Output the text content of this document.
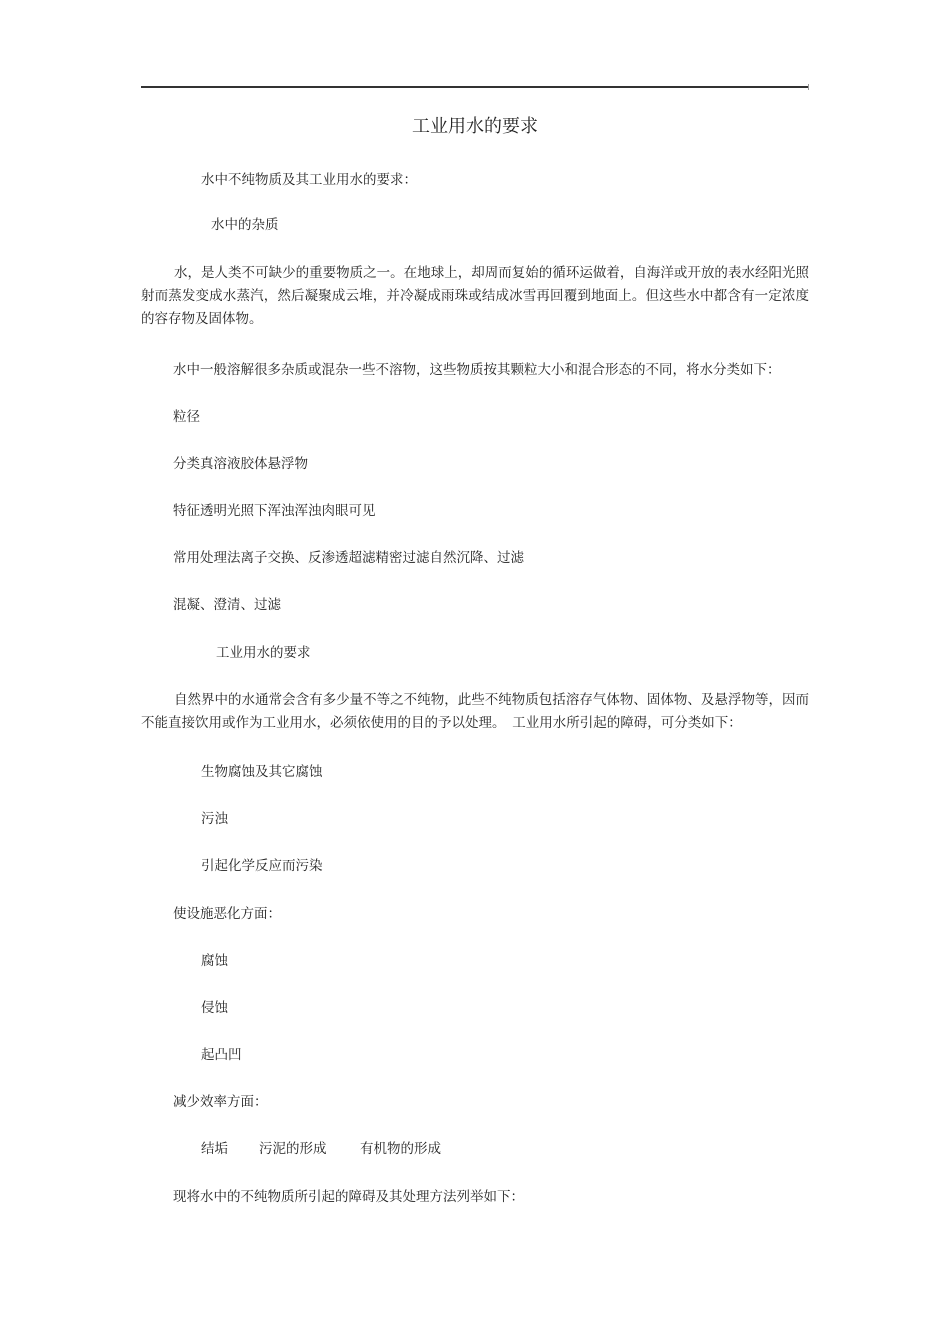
工业用水的要求
水中不纯物质及其工业用水的要求：
水中的杂质
水，是人类不可缺少的重要物质之一。在地球上，却周而复始的循环运做着，自海洋或开放的表水经阳光照射而蒸发变成水蒸汽，然后凝聚成云堆，并冷凝成雨珠或结成冰雪再回覆到地面上。但这些水中都含有一定浓度的容存物及固体物。
水中一般溶解很多杂质或混杂一些不溶物，这些物质按其颗粒大小和混合形态的不同，将水分类如下：
粒径
分类真溶液胶体悬浮物
特征透明光照下浑浊浑浊肉眼可见
常用处理法离子交换、反渗透超滤精密过滤自然沉降、过滤
混凝、澄清、过滤
工业用水的要求
自然界中的水通常会含有多少量不等之不纯物，此些不纯物质包括溶存气体物、固体物、及悬浮物等，因而不能直接饮用或作为工业用水，必须依使用的目的予以处理。　工业用水所引起的障碍，可分类如下：
生物腐蚀及其它腐蚀
污浊
引起化学反应而污染
使设施恶化方面：
腐蚀
侵蚀
起凸凹
减少效率方面：
结垢 污泥的形成 有机物的形成
现将水中的不纯物质所引起的障碍及其处理方法列举如下：
